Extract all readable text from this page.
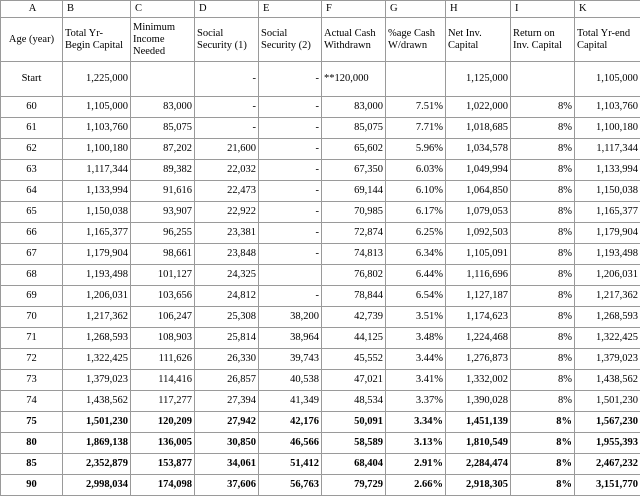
A	B	C	D	E	F	G	H	I	K
Age (year)	Total Yr-Begin Capital	Minimum Income Needed	Social Security (1)	Social Security (2)	Actual Cash Withdrawn	%age Cash W/drawn	Net Inv. Capital	Return on Inv. Capital	Total Yr-end Capital
Start	1,225,000		-	-	**120,000		1,125,000		1,105,000
60	1,105,000	83,000	-	-	83,000	7.51%	1,022,000	8%	1,103,760
61	1,103,760	85,075	-	-	85,075	7.71%	1,018,685	8%	1,100,180
62	1,100,180	87,202	21,600	-	65,602	5.96%	1,034,578	8%	1,117,344
63	1,117,344	89,382	22,032	-	67,350	6.03%	1,049,994	8%	1,133,994
64	1,133,994	91,616	22,473	-	69,144	6.10%	1,064,850	8%	1,150,038
65	1,150,038	93,907	22,922	-	70,985	6.17%	1,079,053	8%	1,165,377
66	1,165,377	96,255	23,381	-	72,874	6.25%	1,092,503	8%	1,179,904
67	1,179,904	98,661	23,848	-	74,813	6.34%	1,105,091	8%	1,193,498
68	1,193,498	101,127	24,325		76,802	6.44%	1,116,696	8%	1,206,031
69	1,206,031	103,656	24,812	-	78,844	6.54%	1,127,187	8%	1,217,362
70	1,217,362	106,247	25,308	38,200	42,739	3.51%	1,174,623	8%	1,268,593
71	1,268,593	108,903	25,814	38,964	44,125	3.48%	1,224,468	8%	1,322,425
72	1,322,425	111,626	26,330	39,743	45,552	3.44%	1,276,873	8%	1,379,023
73	1,379,023	114,416	26,857	40,538	47,021	3.41%	1,332,002	8%	1,438,562
74	1,438,562	117,277	27,394	41,349	48,534	3.37%	1,390,028	8%	1,501,230
75	1,501,230	120,209	27,942	42,176	50,091	3.34%	1,451,139	8%	1,567,230
80	1,869,138	136,005	30,850	46,566	58,589	3.13%	1,810,549	8%	1,955,393
85	2,352,879	153,877	34,061	51,412	68,404	2.91%	2,284,474	8%	2,467,232
90	2,998,034	174,098	37,606	56,763	79,729	2.66%	2,918,305	8%	3,151,770
